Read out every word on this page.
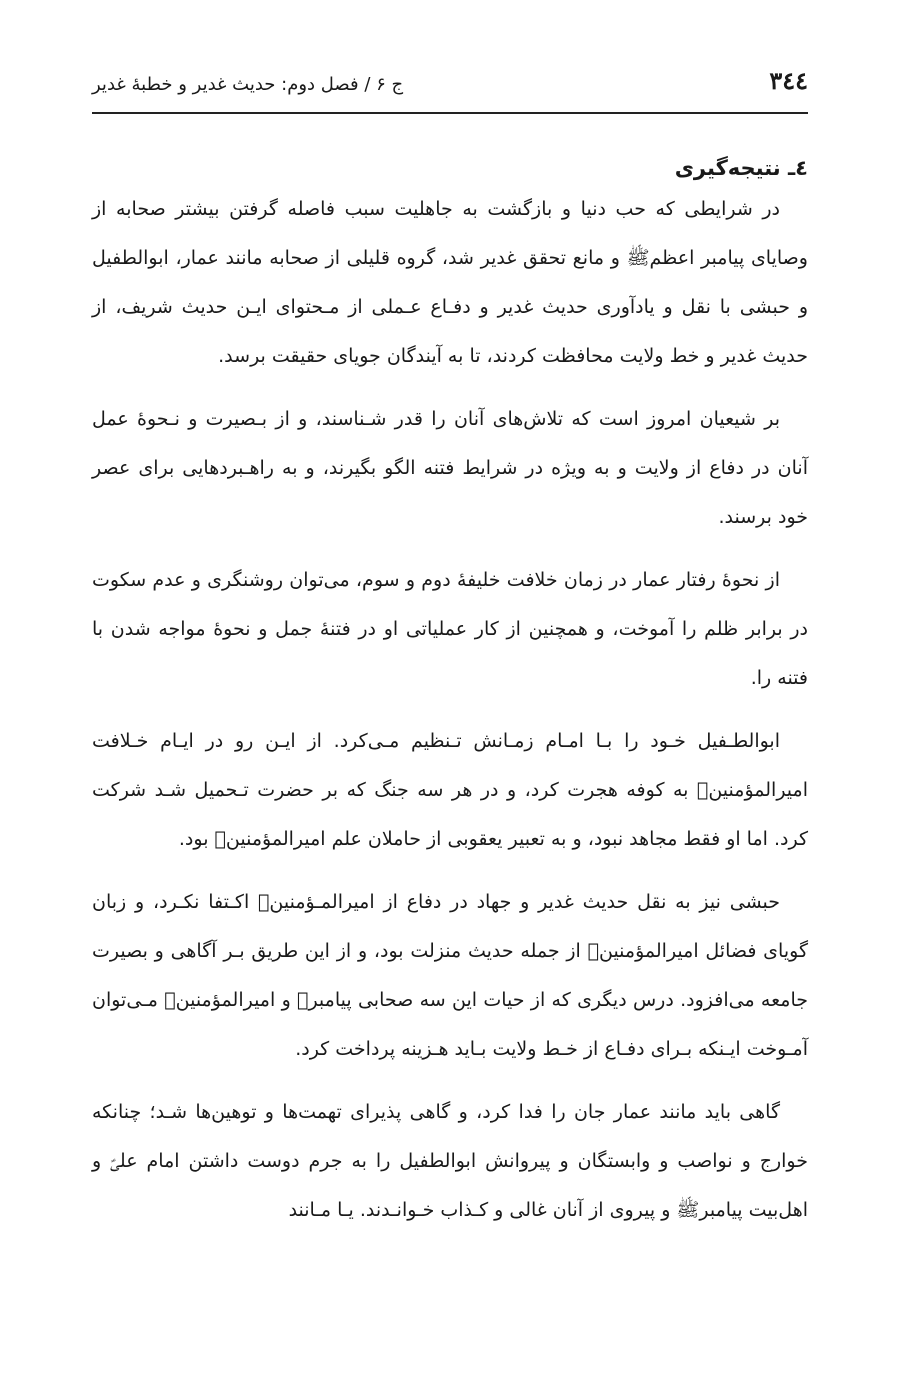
٣٤٤
ج ۶ / فصل دوم: حدیث غدیر و خطبهٔ غدیر
٤ـ نتیجه‌گیری

در شرایطی که حب دنیا و بازگشت به جاهلیت سبب فاصله گرفتن بیشتر صحابه از وصایای پیامبر اعظمﷺ و مانع تحقق غدیر شد، گروه قلیلی از صحابه مانند عمار، ابوالطفیل و حبشی با نقل و یادآوری حدیث غدیر و دفـاع عـملی از مـحتوای ایـن حدیث شریف، از حدیث غدیر و خط ولایت محافظت کردند، تا به آیندگان جویای حقیقت برسد.

بر شیعیان امروز است که تلاش‌های آنان را قدر شـناسند، و از بـصیرت و نـحوهٔ عمل آنان در دفاع از ولایت و به ویژه در شرایط فتنه الگو بگیرند، و به راهـبردهایی برای عصر خود برسند.

از نحوهٔ رفتار عمار در زمان خلافت خلیفهٔ دوم و سوم، می‌توان روشنگری و عدم سکوت در برابر ظلم را آموخت، و همچنین از کار عملیاتی او در فتنهٔ جمل و نحوهٔ مواجه شدن با فتنه را.

ابوالطـفیل خـود را بـا امـام زمـانش تـنظیم مـی‌کرد. از ایـن رو در ایـام خـلافت امیرالمؤمنینؑ به کوفه هجرت کرد، و در هر سه جنگ که بر حضرت تـحمیل شـد شرکت کرد. اما او فقط مجاهد نبود، و به تعبیر یعقوبی از حاملان علم امیرالمؤمنینؑ بود.

حبشی نیز به نقل حدیث غدیر و جهاد در دفاع از امیرالمـؤمنینؑ اکـتفا نکـرد، و زبان گویای فضائل امیرالمؤمنینؑ از جمله حدیث منزلت بود، و از این طریق بـر آگاهی و بصیرت جامعه می‌افزود. درس دیگری که از حیات این سه صحابی پیامبرﷺ و امیرالمؤمنینؑ مـی‌توان آمـوخت ایـنکه بـرای دفـاع از خـط ولایت بـاید هـزینه پرداخت کرد.

گاهی باید مانند عمار جان را فدا کرد، و گاهی پذیرای تهمت‌ها و توهین‌ها شـد؛ چنانکه خوارج و نواصب و وابستگان و پیروانش ابوالطفیل را به جرم دوست داشتن امام علیؑ و اهل‌بیت پیامبرﷺ و پیروی از آنان غالی و کـذاب خـوانـدند. یـا مـانند
